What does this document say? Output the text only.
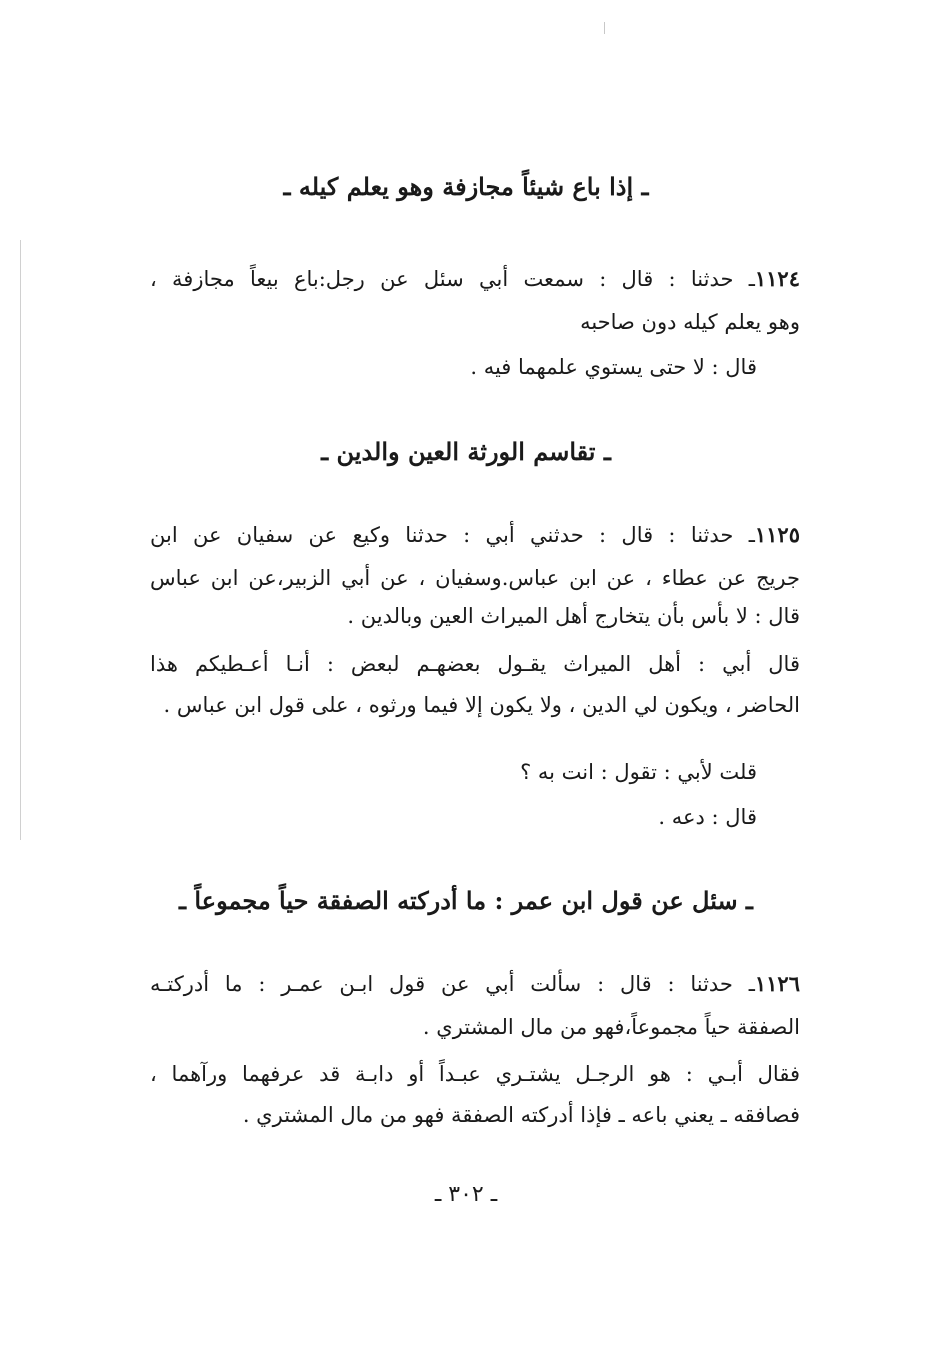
ـ إذا باع شيئاً مجازفة وهو يعلم كيله ـ
١١٢٤ـ حدثنا : قال : سمعت أبي سئل عن رجل:باع بيعاً مجازفة ،
وهو يعلم كيله دون صاحبه
قال : لا حتى يستوي علمهما فيه .
ـ تقاسم الورثة العين والدين ـ
١١٢٥ـ حدثنا : قال : حدثني أبي : حدثنا وكيع عن سفيان عن ابن
جريج عن عطاء ، عن ابن عباس.وسفيان ، عن أبي الزبير،عن ابن عباس
قال : لا بأس بأن يتخارج أهل الميراث العين وبالدين .
قال أبي : أهل الميراث يقـول بعضهـم لبعض : أنـا أعـطيكم هذا
الحاضر ، ويكون لي الدين ، ولا يكون إلا فيما ورثوه ، على قول ابن عباس .
قلت لأبي : تقول : انت به ؟
قال : دعه .
ـ سئل عن قول ابن عمر : ما أدركته الصفقة حياً مجموعاً ـ
١١٢٦ـ حدثنا : قال : سألت أبي عن قول ابـن عمـر : ما أدركتـه
الصفقة حياً مجموعاً،فهو من مال المشتري .
فقال أبـي : هو الرجـل يشتـري عبـداً أو دابـة قد عرفهما ورآهما ،
فصافقه ـ يعني باعه ـ فإذا أدركته الصفقة فهو من مال المشتري .
ـ ٣٠٢ ـ
